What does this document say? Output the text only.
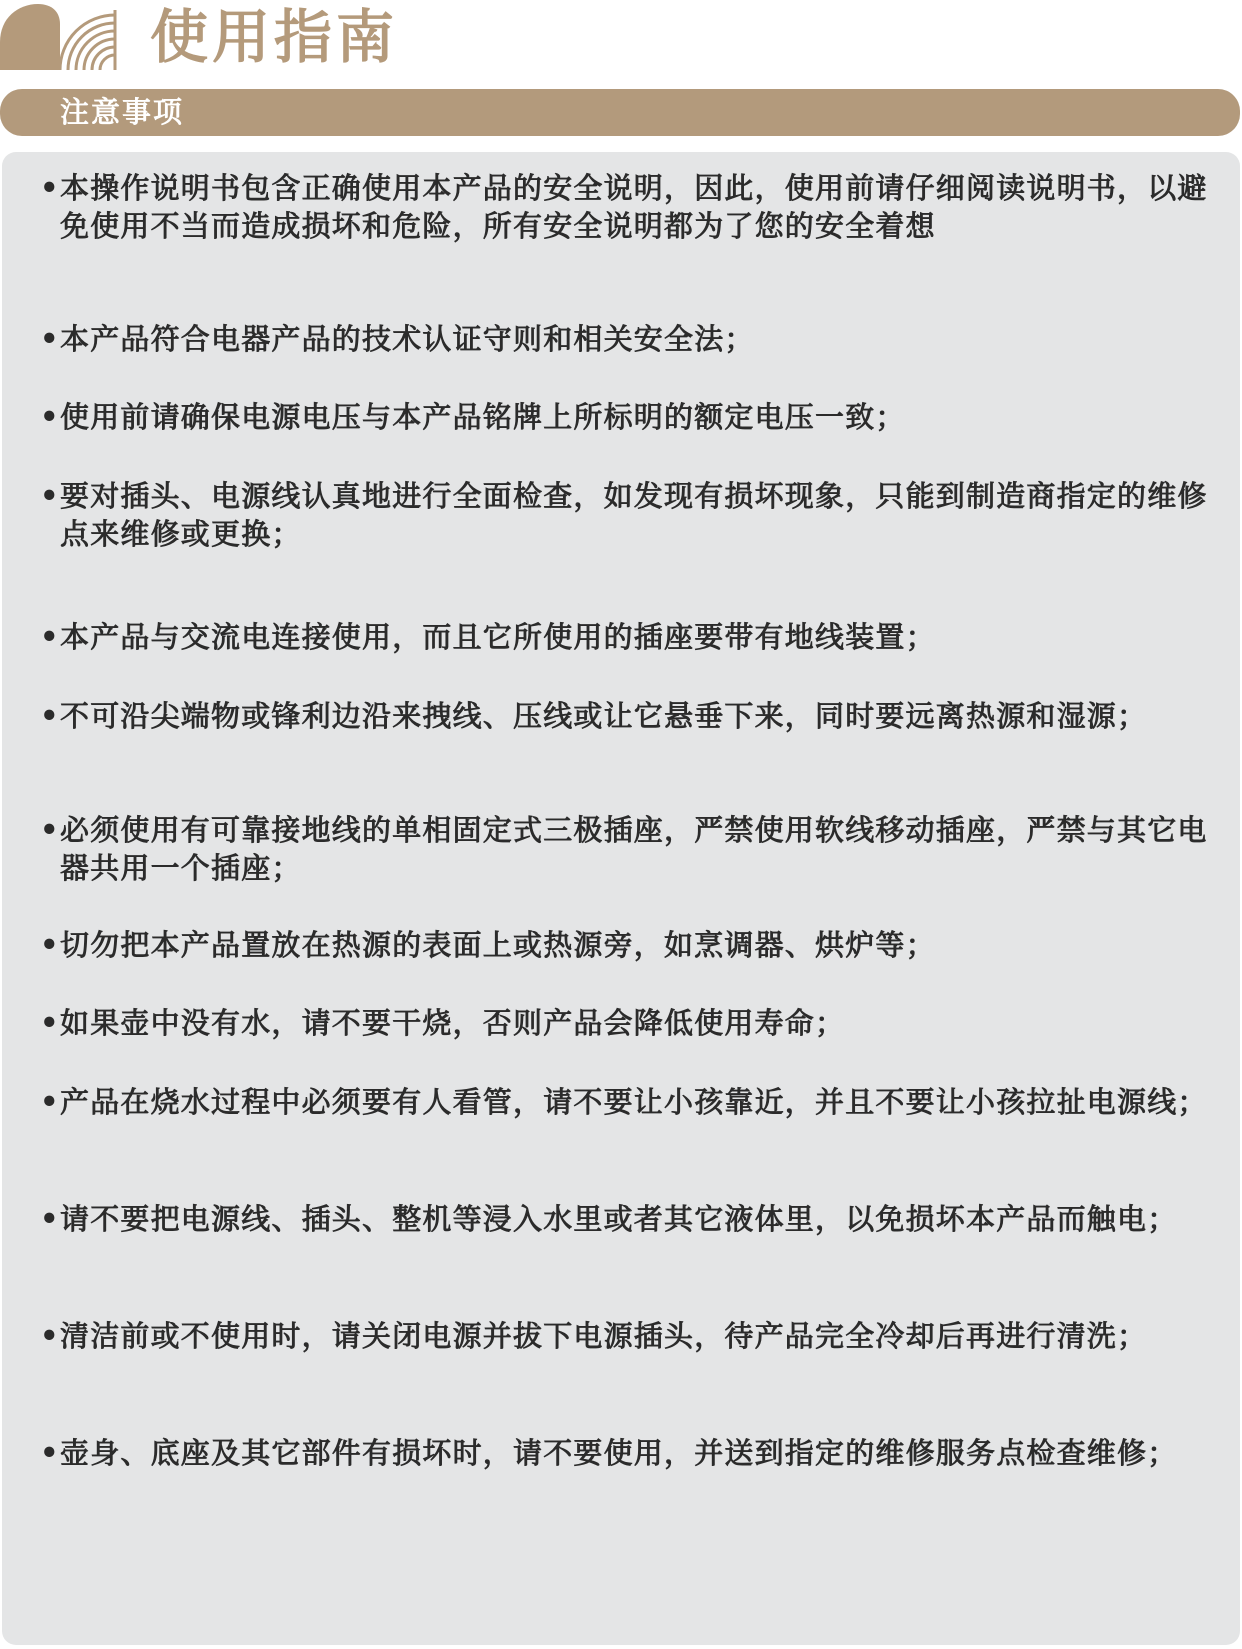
使用指南
注意事项
• 本操作说明书包含正确使用本产品的安全说明，因此，使用前请仔细阅读说明书，以避免使用不当而造成损坏和危险，所有安全说明都为了您的安全着想
• 本产品符合电器产品的技术认证守则和相关安全法；
• 使用前请确保电源电压与本产品铭牌上所标明的额定电压一致；
• 要对插头、电源线认真地进行全面检查，如发现有损坏现象，只能到制造商指定的维修点来维修或更换；
• 本产品与交流电连接使用，而且它所使用的插座要带有地线装置；
• 不可沿尖端物或锋利边沿来拽线、压线或让它悬垂下来，同时要远离热源和湿源；
• 必须使用有可靠接地线的单相固定式三极插座，严禁使用软线移动插座，严禁与其它电器共用一个插座；
• 切勿把本产品置放在热源的表面上或热源旁，如烹调器、烘炉等；
• 如果壶中没有水，请不要干烧，否则产品会降低使用寿命；
• 产品在烧水过程中必须要有人看管，请不要让小孩靠近，并且不要让小孩拉扯电源线；
• 请不要把电源线、插头、整机等浸入水里或者其它液体里，以免损坏本产品而触电；
• 清洁前或不使用时，请关闭电源并拔下电源插头，待产品完全冷却后再进行清洗；
• 壶身、底座及其它部件有损坏时，请不要使用，并送到指定的维修服务点检查维修；
